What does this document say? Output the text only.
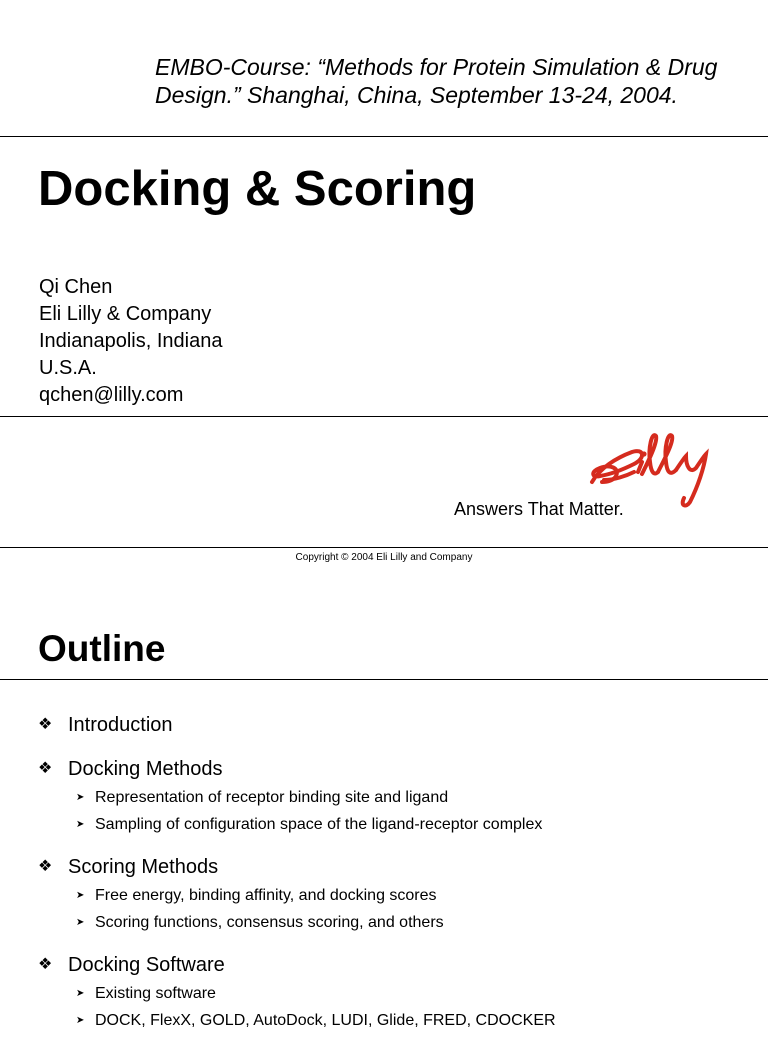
EMBO-Course: “Methods for Protein Simulation & Drug Design.” Shanghai, China, September 13-24, 2004.
Docking & Scoring
Qi Chen
Eli Lilly & Company
Indianapolis, Indiana
U.S.A.
qchen@lilly.com
Answers That Matter.
Copyright © 2004 Eli Lilly and Company
Outline
❖ Introduction
❖ Docking Methods
➤ Representation of receptor binding site and ligand
➤ Sampling of configuration space of the ligand-receptor complex
❖ Scoring Methods
➤ Free energy, binding affinity, and docking scores
➤ Scoring functions, consensus scoring, and others
❖ Docking Software
➤ Existing software
➤ DOCK, FlexX, GOLD, AutoDock, LUDI, Glide, FRED, CDOCKER
